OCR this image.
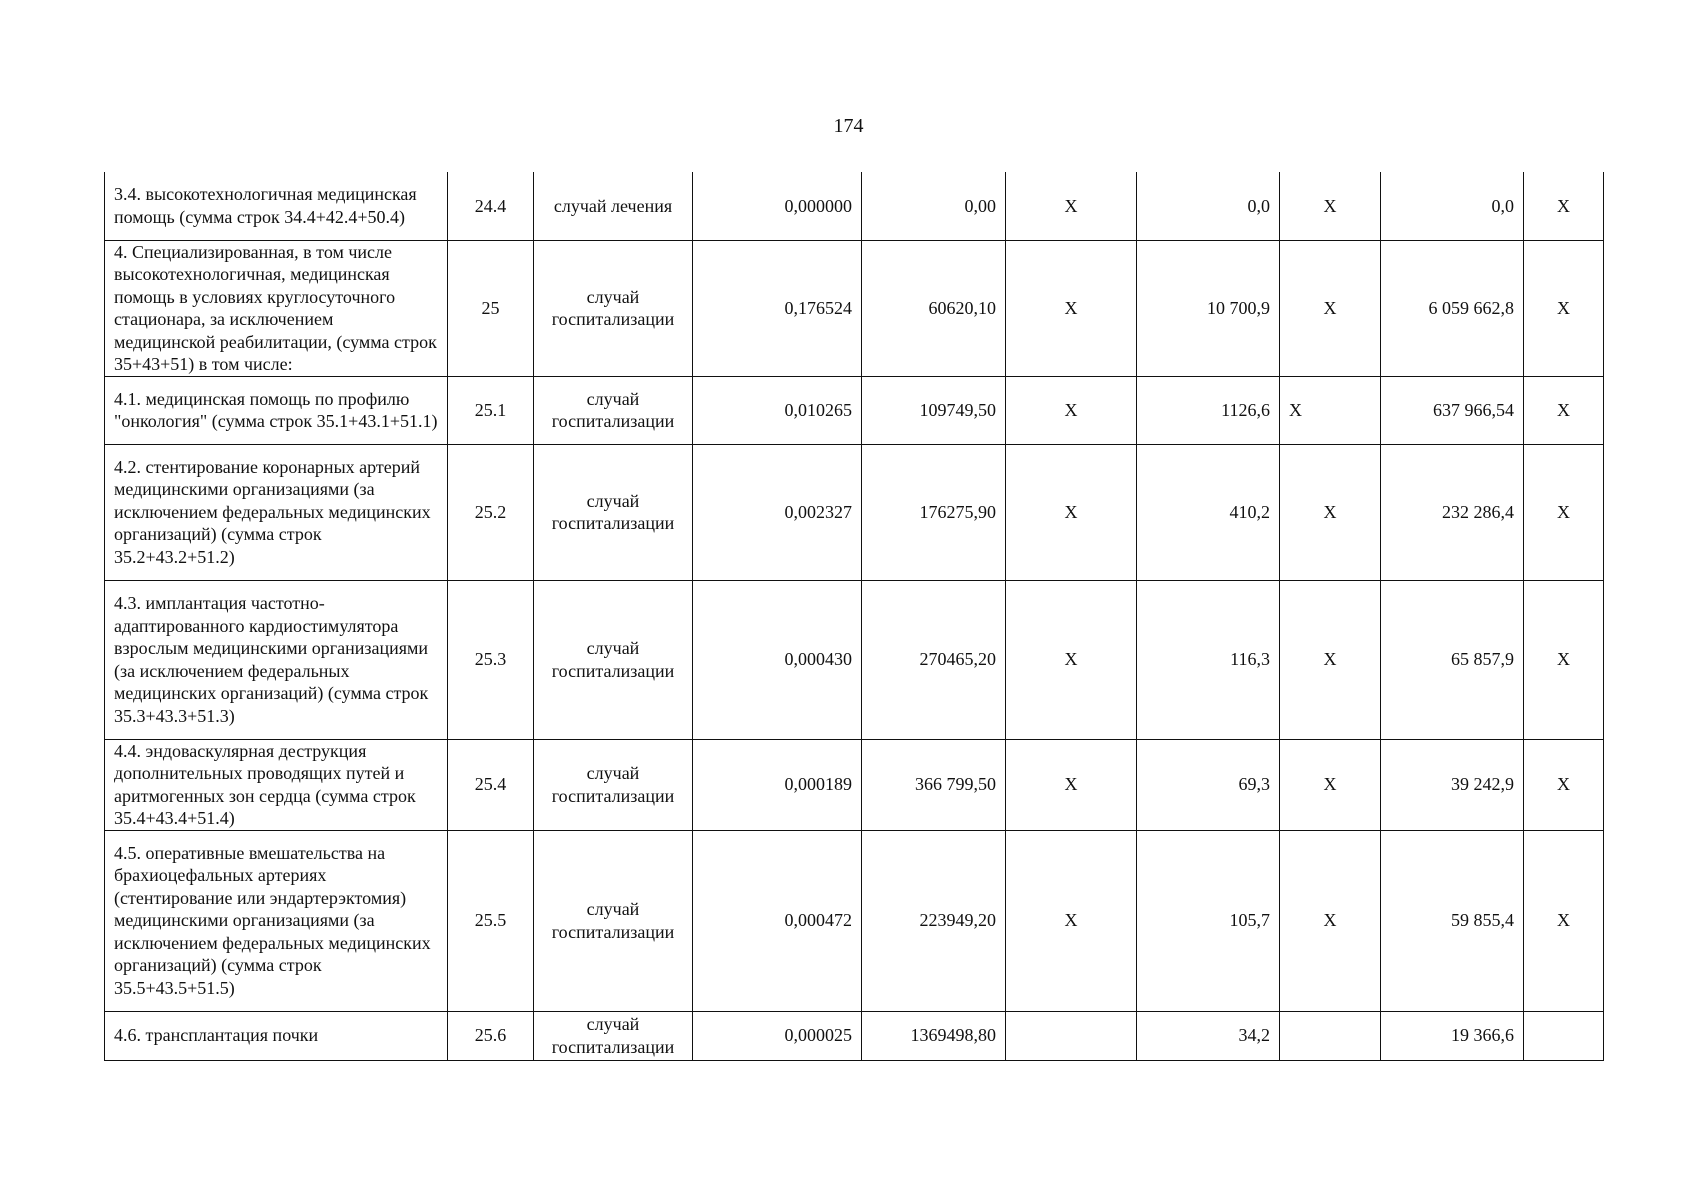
174
3.4. высокотехнологичная медицинская помощь (сумма строк 34.4+42.4+50.4)	24.4	случай лечения	0,000000	0,00	X	0,0	X	0,0	X
4. Специализированная, в том числе высокотехнологичная, медицинская помощь в условиях круглосуточного стационара, за исключением медицинской реабилитации, (сумма строк 35+43+51) в том числе:	25	случай госпитализации	0,176524	60620,10	X	10 700,9	X	6 059 662,8	X
4.1. медицинская помощь по профилю "онкология" (сумма строк 35.1+43.1+51.1)	25.1	случай госпитализации	0,010265	109749,50	X	1126,6	X	637 966,54	X
4.2. стентирование коронарных артерий медицинскими организациями (за исключением федеральных медицинских организаций) (сумма строк 35.2+43.2+51.2)	25.2	случай госпитализации	0,002327	176275,90	X	410,2	X	232 286,4	X
4.3. имплантация частотно-адаптированного кардиостимулятора взрослым медицинскими организациями (за исключением федеральных медицинских организаций) (сумма строк 35.3+43.3+51.3)	25.3	случай госпитализации	0,000430	270465,20	X	116,3	X	65 857,9	X
4.4. эндоваскулярная деструкция дополнительных проводящих путей и аритмогенных зон сердца (сумма строк 35.4+43.4+51.4)	25.4	случай госпитализации	0,000189	366 799,50	X	69,3	X	39 242,9	X
4.5. оперативные вмешательства на брахиоцефальных артериях (стентирование или эндартерэктомия) медицинскими организациями (за исключением федеральных медицинских организаций) (сумма строк 35.5+43.5+51.5)	25.5	случай госпитализации	0,000472	223949,20	X	105,7	X	59 855,4	X
4.6. трансплантация почки	25.6	случай госпитализации	0,000025	1369498,80		34,2		19 366,6	
